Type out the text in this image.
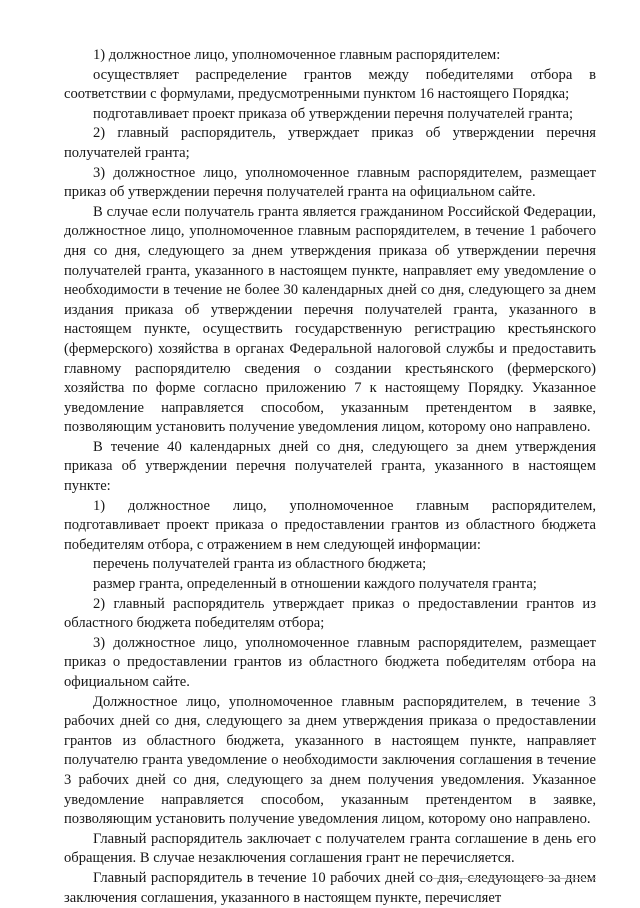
1) должностное лицо, уполномоченное главным распорядителем:

осуществляет распределение грантов между победителями отбора в соответствии с формулами, предусмотренными пунктом 16 настоящего Порядка;

подготавливает проект приказа об утверждении перечня получателей гранта;

2) главный распорядитель, утверждает приказ об утверждении перечня получателей гранта;

3) должностное лицо, уполномоченное главным распорядителем, размещает приказ об утверждении перечня получателей гранта на официальном сайте.

В случае если получатель гранта является гражданином Российской Федерации, должностное лицо, уполномоченное главным распорядителем, в течение 1 рабочего дня со дня, следующего за днем утверждения приказа об утверждении перечня получателей гранта, указанного в настоящем пункте, направляет ему уведомление о необходимости в течение не более 30 календарных дней со дня, следующего за днем издания приказа об утверждении перечня получателей гранта, указанного в настоящем пункте, осуществить государственную регистрацию крестьянского (фермерского) хозяйства в органах Федеральной налоговой службы и предоставить главному распорядителю сведения о создании крестьянского (фермерского) хозяйства по форме согласно приложению 7 к настоящему Порядку. Указанное уведомление направляется способом, указанным претендентом в заявке, позволяющим установить получение уведомления лицом, которому оно направлено.

В течение 40 календарных дней со дня, следующего за днем утверждения приказа об утверждении перечня получателей гранта, указанного в настоящем пункте:

1) должностное лицо, уполномоченное главным распорядителем, подготавливает проект приказа о предоставлении грантов из областного бюджета победителям отбора, с отражением в нем следующей информации:

перечень получателей гранта из областного бюджета;

размер гранта, определенный в отношении каждого получателя гранта;

2) главный распорядитель утверждает приказ о предоставлении грантов из областного бюджета победителям отбора;

3) должностное лицо, уполномоченное главным распорядителем, размещает приказ о предоставлении грантов из областного бюджета победителям отбора на официальном сайте.

Должностное лицо, уполномоченное главным распорядителем, в течение 3 рабочих дней со дня, следующего за днем утверждения приказа о предоставлении грантов из областного бюджета, указанного в настоящем пункте, направляет получателю гранта уведомление о необходимости заключения соглашения в течение 3 рабочих дней со дня, следующего за днем получения уведомления. Указанное уведомление направляется способом, указанным претендентом в заявке, позволяющим установить получение уведомления лицом, которому оно направлено.

Главный распорядитель заключает с получателем гранта соглашение в день его обращения. В случае незаключения соглашения грант не перечисляется.

Главный распорядитель в течение 10 рабочих дней со дня, следующего за днем заключения соглашения, указанного в настоящем пункте, перечисляет
